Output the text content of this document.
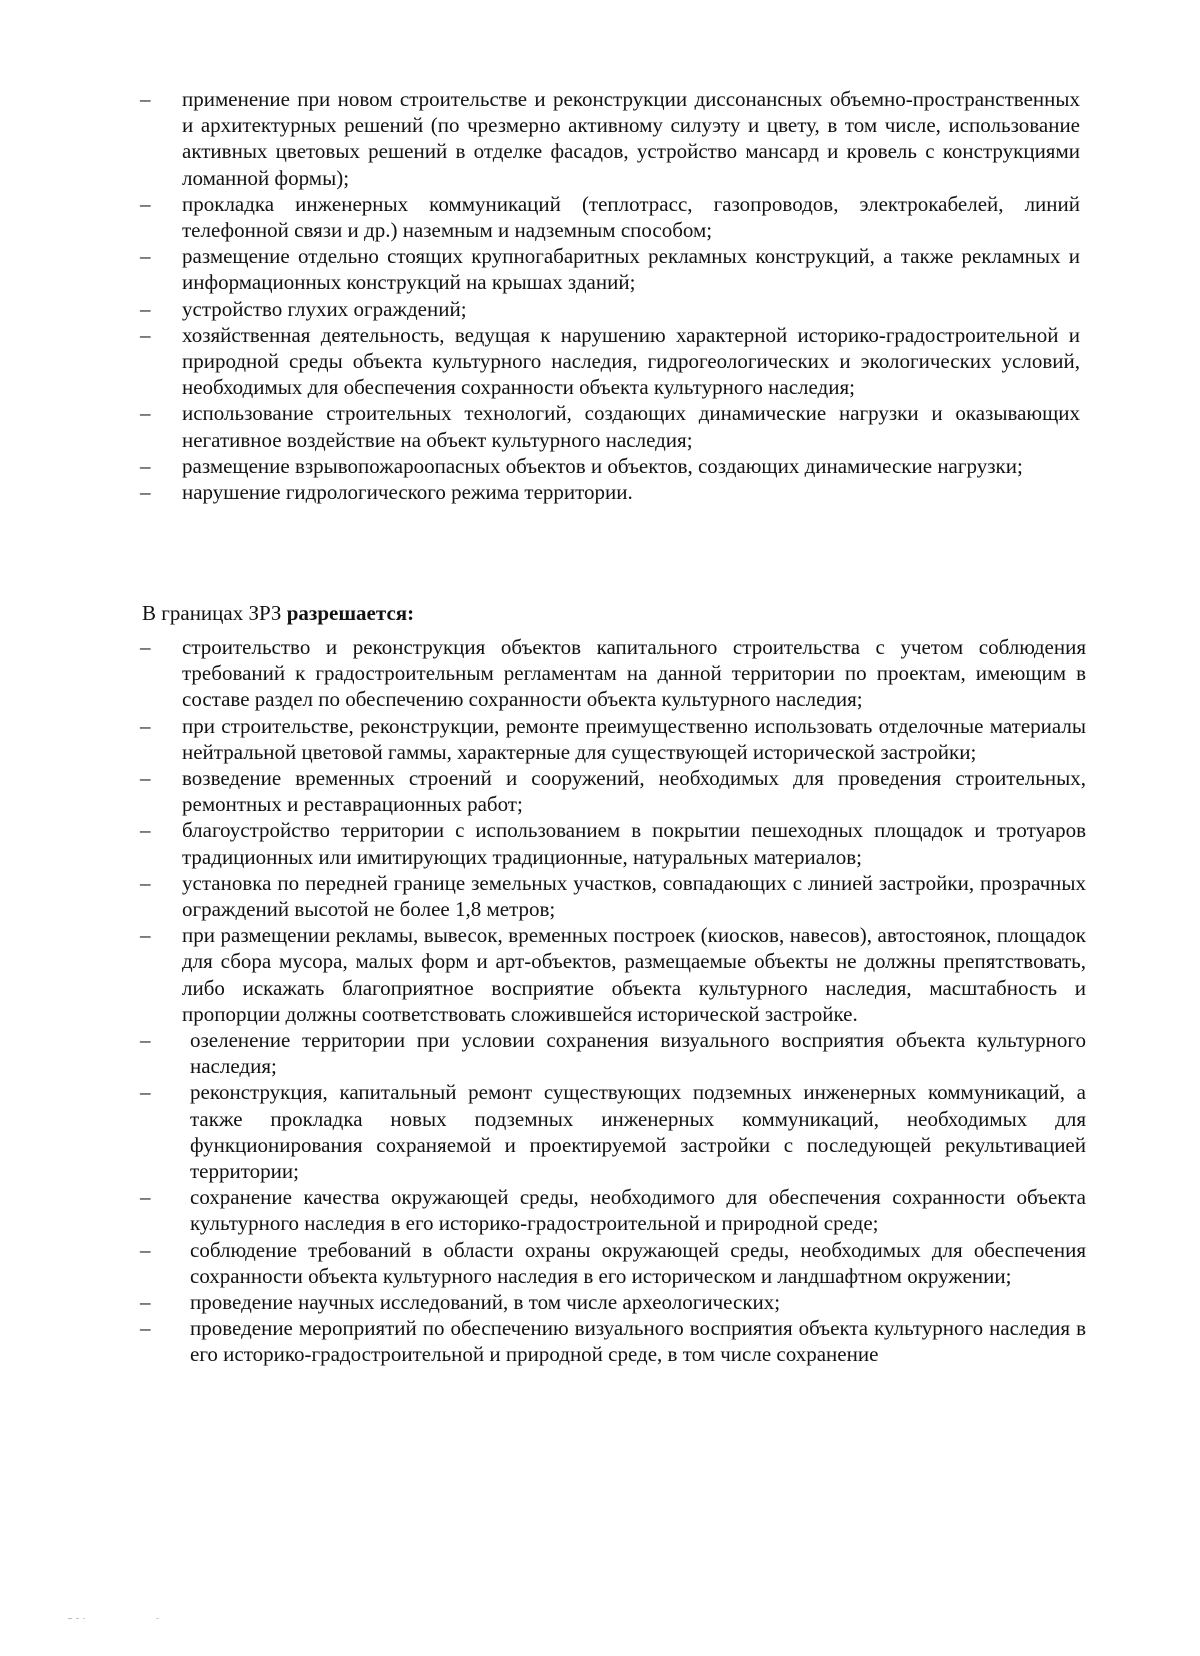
–	применение при новом строительстве и реконструкции диссонансных объемно-пространственных и архитектурных решений (по чрезмерно активному силуэту и цвету, в том числе, использование активных цветовых решений в отделке фасадов, устройство мансард и кровель с конструкциями ломанной формы);
–	прокладка инженерных коммуникаций (теплотрасс, газопроводов, электрокабелей, линий телефонной связи и др.) наземным и надземным способом;
–	размещение отдельно стоящих крупногабаритных рекламных конструкций, а также рекламных и информационных конструкций на крышах зданий;
–	устройство глухих ограждений;
–	хозяйственная деятельность, ведущая к нарушению характерной историко-градостроительной и природной среды объекта культурного наследия, гидрогеологических и экологических условий, необходимых для обеспечения сохранности объекта культурного наследия;
–	использование строительных технологий, создающих динамические нагрузки и оказывающих негативное воздействие на объект культурного наследия;
–	размещение взрывопожароопасных объектов и объектов, создающих динамические нагрузки;
–	нарушение гидрологического режима территории.
В границах ЗРЗ разрешается:
–	строительство и реконструкция объектов капитального строительства с учетом соблюдения требований к градостроительным регламентам на данной территории по проектам, имеющим в составе раздел по обеспечению сохранности объекта культурного наследия;
–	при строительстве, реконструкции, ремонте преимущественно использовать отделочные материалы нейтральной цветовой гаммы, характерные для существующей исторической застройки;
–	возведение временных строений и сооружений, необходимых для проведения строительных, ремонтных и реставрационных работ;
–	благоустройство территории с использованием в покрытии пешеходных площадок и тротуаров традиционных или имитирующих традиционные, натуральных материалов;
–	установка по передней границе земельных участков, совпадающих с линией застройки, прозрачных ограждений высотой не более 1,8 метров;
–	при размещении рекламы, вывесок, временных построек (киосков, навесов), автостоянок, площадок для сбора мусора, малых форм и арт-объектов, размещаемые объекты не должны препятствовать, либо искажать благоприятное восприятие объекта культурного наследия, масштабность и пропорции должны соответствовать сложившейся исторической застройке.
–	озеленение территории при условии сохранения визуального восприятия объекта культурного наследия;
–	реконструкция, капитальный ремонт существующих подземных инженерных коммуникаций, а также прокладка новых подземных инженерных коммуникаций, необходимых для функционирования сохраняемой и проектируемой застройки с последующей рекультивацией территории;
–	сохранение качества окружающей среды, необходимого для обеспечения сохранности объекта культурного наследия в его историко-градостроительной и природной среде;
–	соблюдение требований в области охраны окружающей среды, необходимых для обеспечения сохранности объекта культурного наследия в его историческом и ландшафтном окружении;
–	проведение научных исследований, в том числе археологических;
–	проведение мероприятий по обеспечению визуального восприятия объекта культурного наследия в его историко-градостроительной и природной среде, в том числе сохранение
